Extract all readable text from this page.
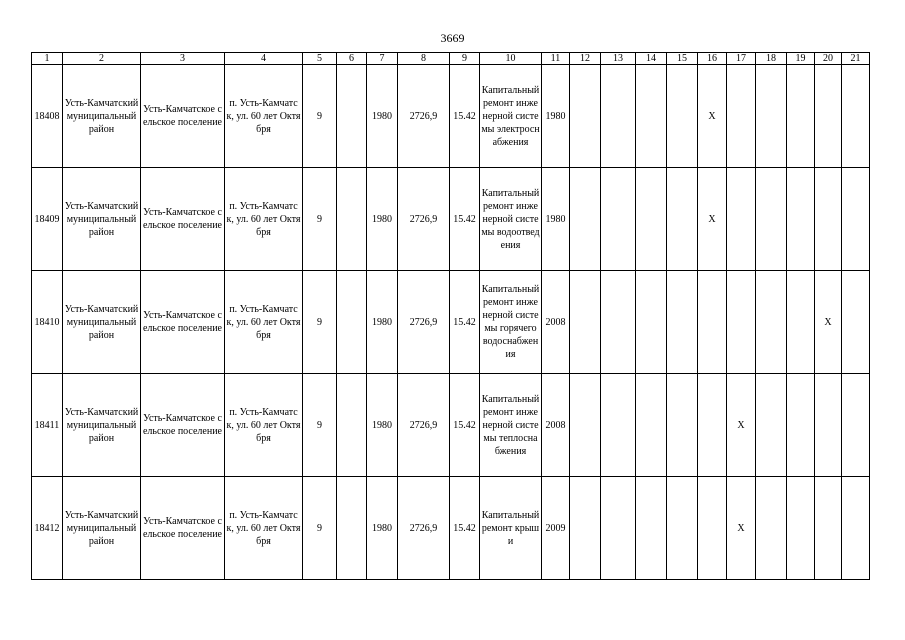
3669
1	2	3	4	5	6	7	8	9	10	11	12	13	14	15	16	17	18	19	20	21

18408	Усть-Камчатский муниципальный район	Усть-Камчатское сельское поселение	п. Усть-Камчатск, ул. 60 лет Октября	9		1980	2726,9	15.42	Капитальный ремонт инженерной системы электроснабжения	1980					X					

18409	Усть-Камчатский муниципальный район	Усть-Камчатское сельское поселение	п. Усть-Камчатск, ул. 60 лет Октября	9		1980	2726,9	15.42	Капитальный ремонт инженерной системы водоотведения	1980					X					

18410	Усть-Камчатский муниципальный район	Усть-Камчатское сельское поселение	п. Усть-Камчатск, ул. 60 лет Октября	9		1980	2726,9	15.42	Капитальный ремонт инженерной системы горячего водоснабжения	2008									X	

18411	Усть-Камчатский муниципальный район	Усть-Камчатское сельское поселение	п. Усть-Камчатск, ул. 60 лет Октября	9		1980	2726,9	15.42	Капитальный ремонт инженерной системы теплоснабжения	2008						X				

18412	Усть-Камчатский муниципальный район	Усть-Камчатское сельское поселение	п. Усть-Камчатск, ул. 60 лет Октября	9		1980	2726,9	15.42	Капитальный ремонт крыши	2009						X				
